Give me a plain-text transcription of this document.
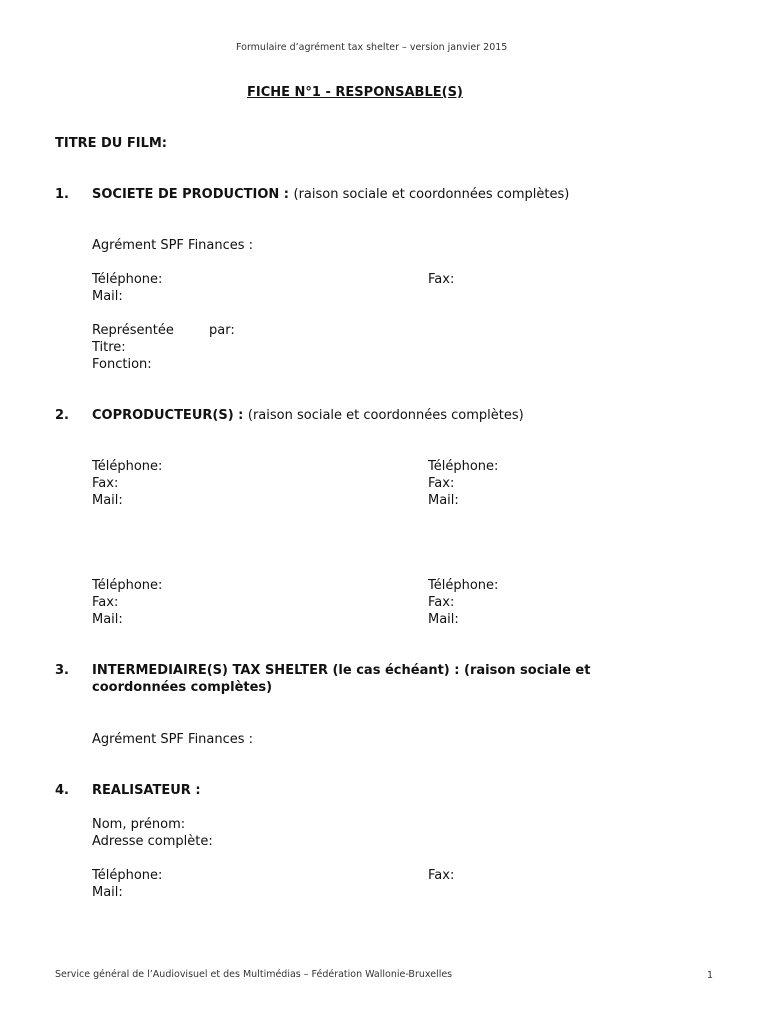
Formulaire d’agrément tax shelter – version janvier 2015
FICHE N°1 - RESPONSABLE(S)
TITRE DU FILM:
1. SOCIETE DE PRODUCTION : (raison sociale et coordonnées complètes)
Agrément SPF Finances :
Téléphone:	Fax:
Mail:
Représentée	par:
Titre:
Fonction:
2. COPRODUCTEUR(S) : (raison sociale et coordonnées complètes)
Téléphone:
Fax:
Mail:
Téléphone:
Fax:
Mail:
Téléphone:
Fax:
Mail:
Téléphone:
Fax:
Mail:
3. INTERMEDIAIRE(S) TAX SHELTER (le cas échéant) : (raison sociale et
coordonnées complètes)
Agrément SPF Finances :
4. REALISATEUR :
Nom, prénom:
Adresse complète:
Téléphone:	Fax:
Mail:
Service général de l’Audiovisuel et des Multimédias – Fédération Wallonie-Bruxelles	1
